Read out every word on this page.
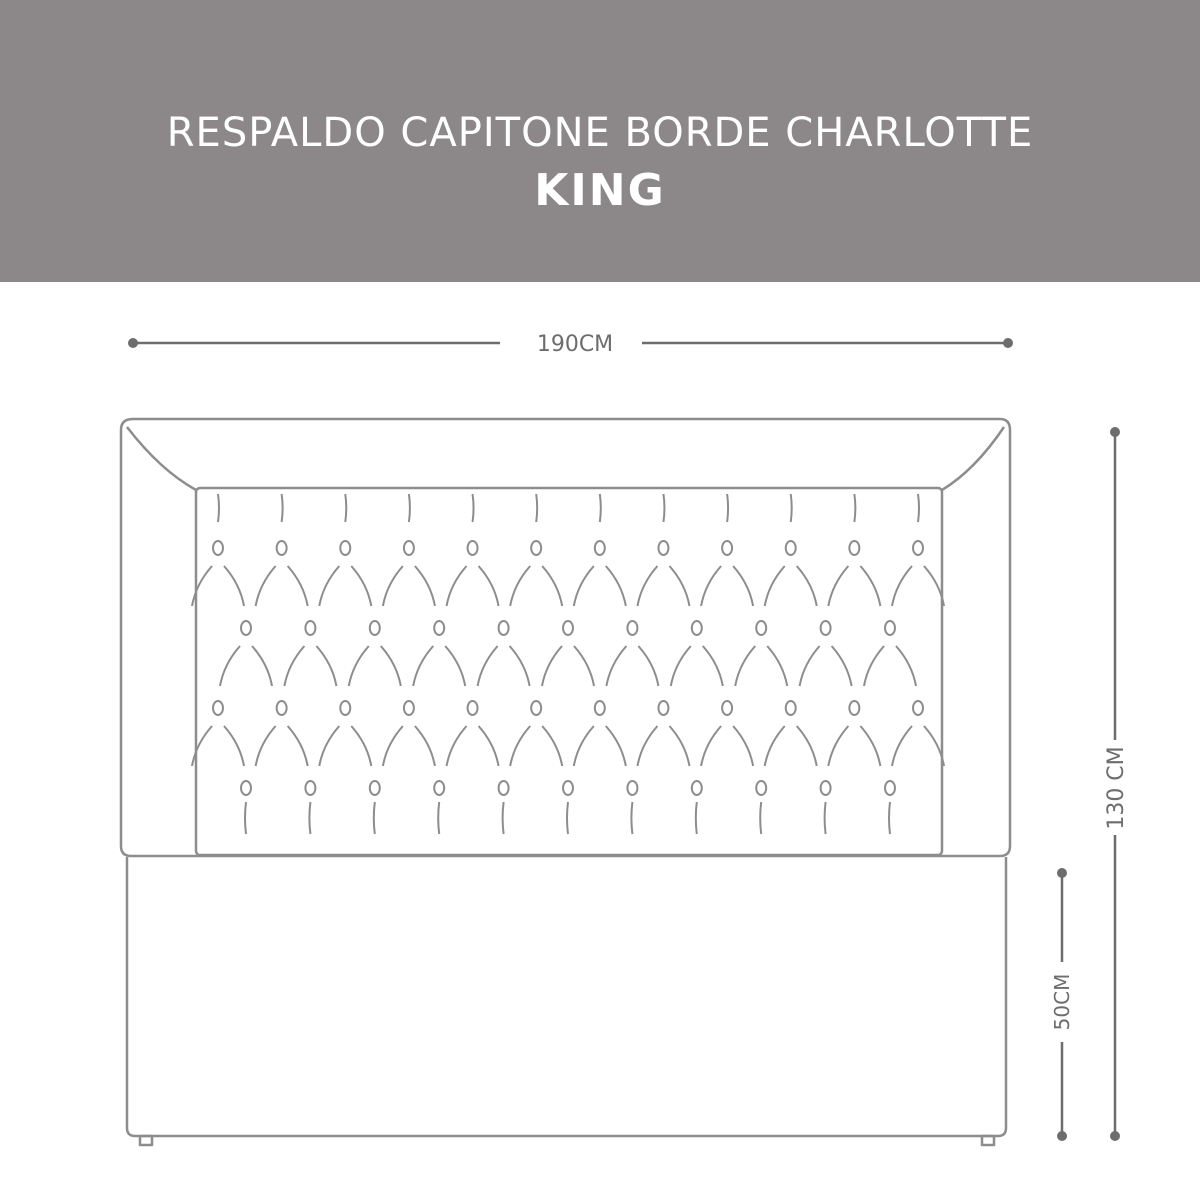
RESPALDO CAPITONE BORDE CHARLOTTE
KING
190CM
130 CM
50CM
